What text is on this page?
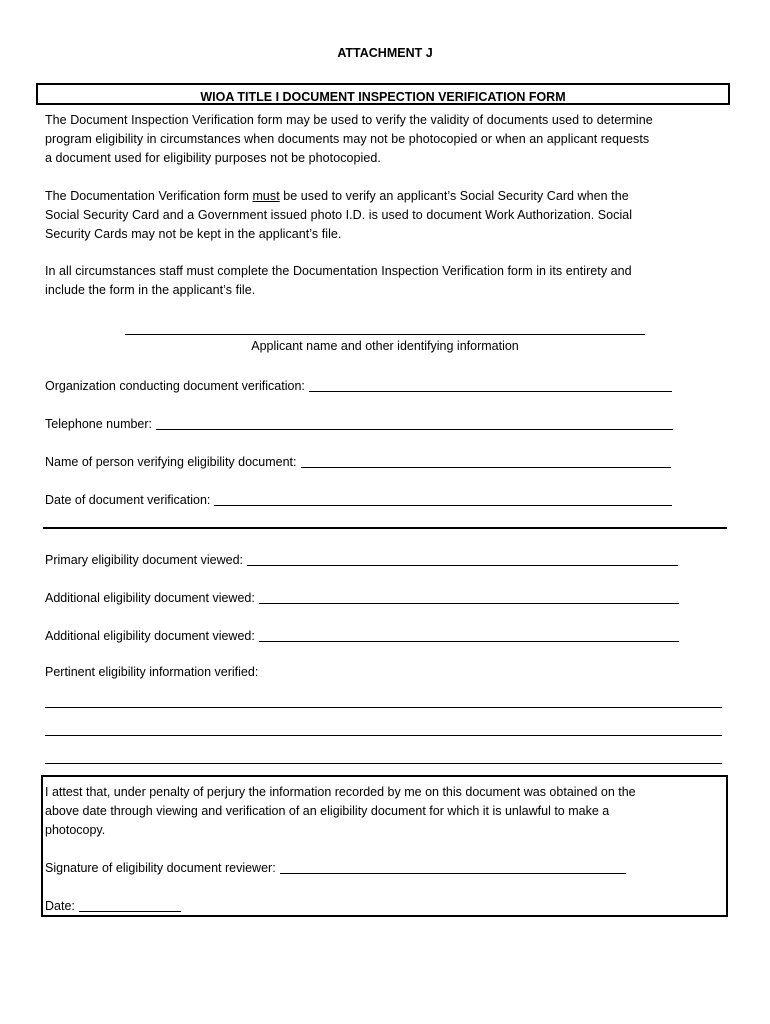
ATTACHMENT J
WIOA TITLE I DOCUMENT INSPECTION VERIFICATION FORM
The Document Inspection Verification form may be used to verify the validity of documents used to determine
program eligibility in circumstances when documents may not be photocopied or when an applicant requests
a document used for eligibility purposes not be photocopied.
The Documentation Verification form must be used to verify an applicant’s Social Security Card when the
Social Security Card and a Government issued photo I.D. is used to document Work Authorization. Social
Security Cards may not be kept in the applicant’s file.
In all circumstances staff must complete the Documentation Inspection Verification form in its entirety and
include the form in the applicant’s file.
Applicant name and other identifying information
Organization conducting document verification:
Telephone number:
Name of person verifying eligibility document:
Date of document verification:
Primary eligibility document viewed:
Additional eligibility document viewed:
Additional eligibility document viewed:
Pertinent eligibility information verified:
I attest that, under penalty of perjury the information recorded by me on this document was obtained on the
above date through viewing and verification of an eligibility document for which it is unlawful to make a
photocopy.
Signature of eligibility document reviewer:
Date:
